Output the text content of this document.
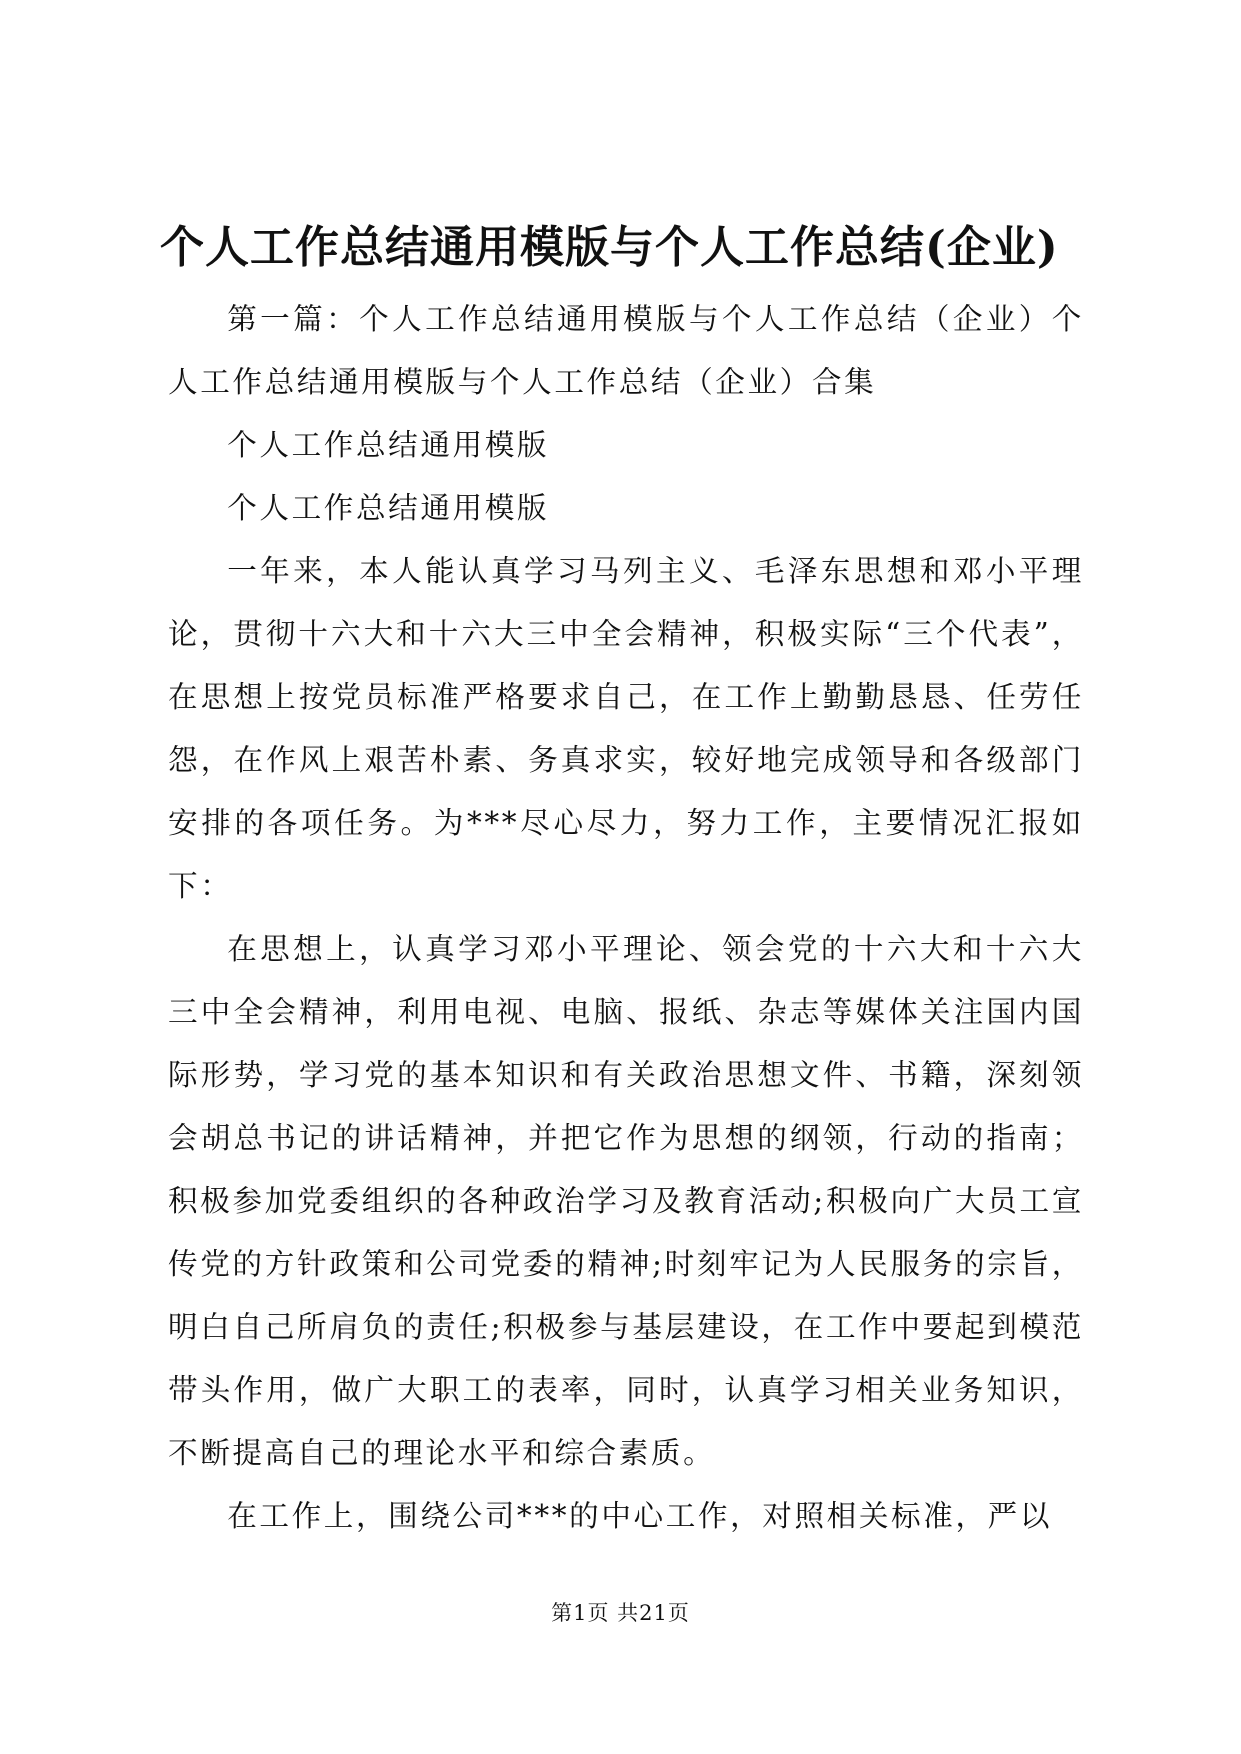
个人工作总结通用模版与个人工作总结(企业)

第一篇：个人工作总结通用模版与个人工作总结（企业）个人工作总结通用模版与个人工作总结（企业）合集

个人工作总结通用模版

个人工作总结通用模版

一年来，本人能认真学习马列主义、毛泽东思想和邓小平理论，贯彻十六大和十六大三中全会精神，积极实际“三个代表”，在思想上按党员标准严格要求自己，在工作上勤勤恳恳、任劳任怨，在作风上艰苦朴素、务真求实，较好地完成领导和各级部门安排的各项任务。为***尽心尽力，努力工作，主要情况汇报如下：

在思想上，认真学习邓小平理论、领会党的十六大和十六大三中全会精神，利用电视、电脑、报纸、杂志等媒体关注国内国际形势，学习党的基本知识和有关政治思想文件、书籍，深刻领会胡总书记的讲话精神，并把它作为思想的纲领，行动的指南；积极参加党委组织的各种政治学习及教育活动;积极向广大员工宣传党的方针政策和公司党委的精神;时刻牢记为人民服务的宗旨，明白自己所肩负的责任;积极参与基层建设，在工作中要起到模范带头作用，做广大职工的表率，同时，认真学习相关业务知识，不断提高自己的理论水平和综合素质。

在工作上，围绕公司***的中心工作，对照相关标准，严以

第1页 共21页
